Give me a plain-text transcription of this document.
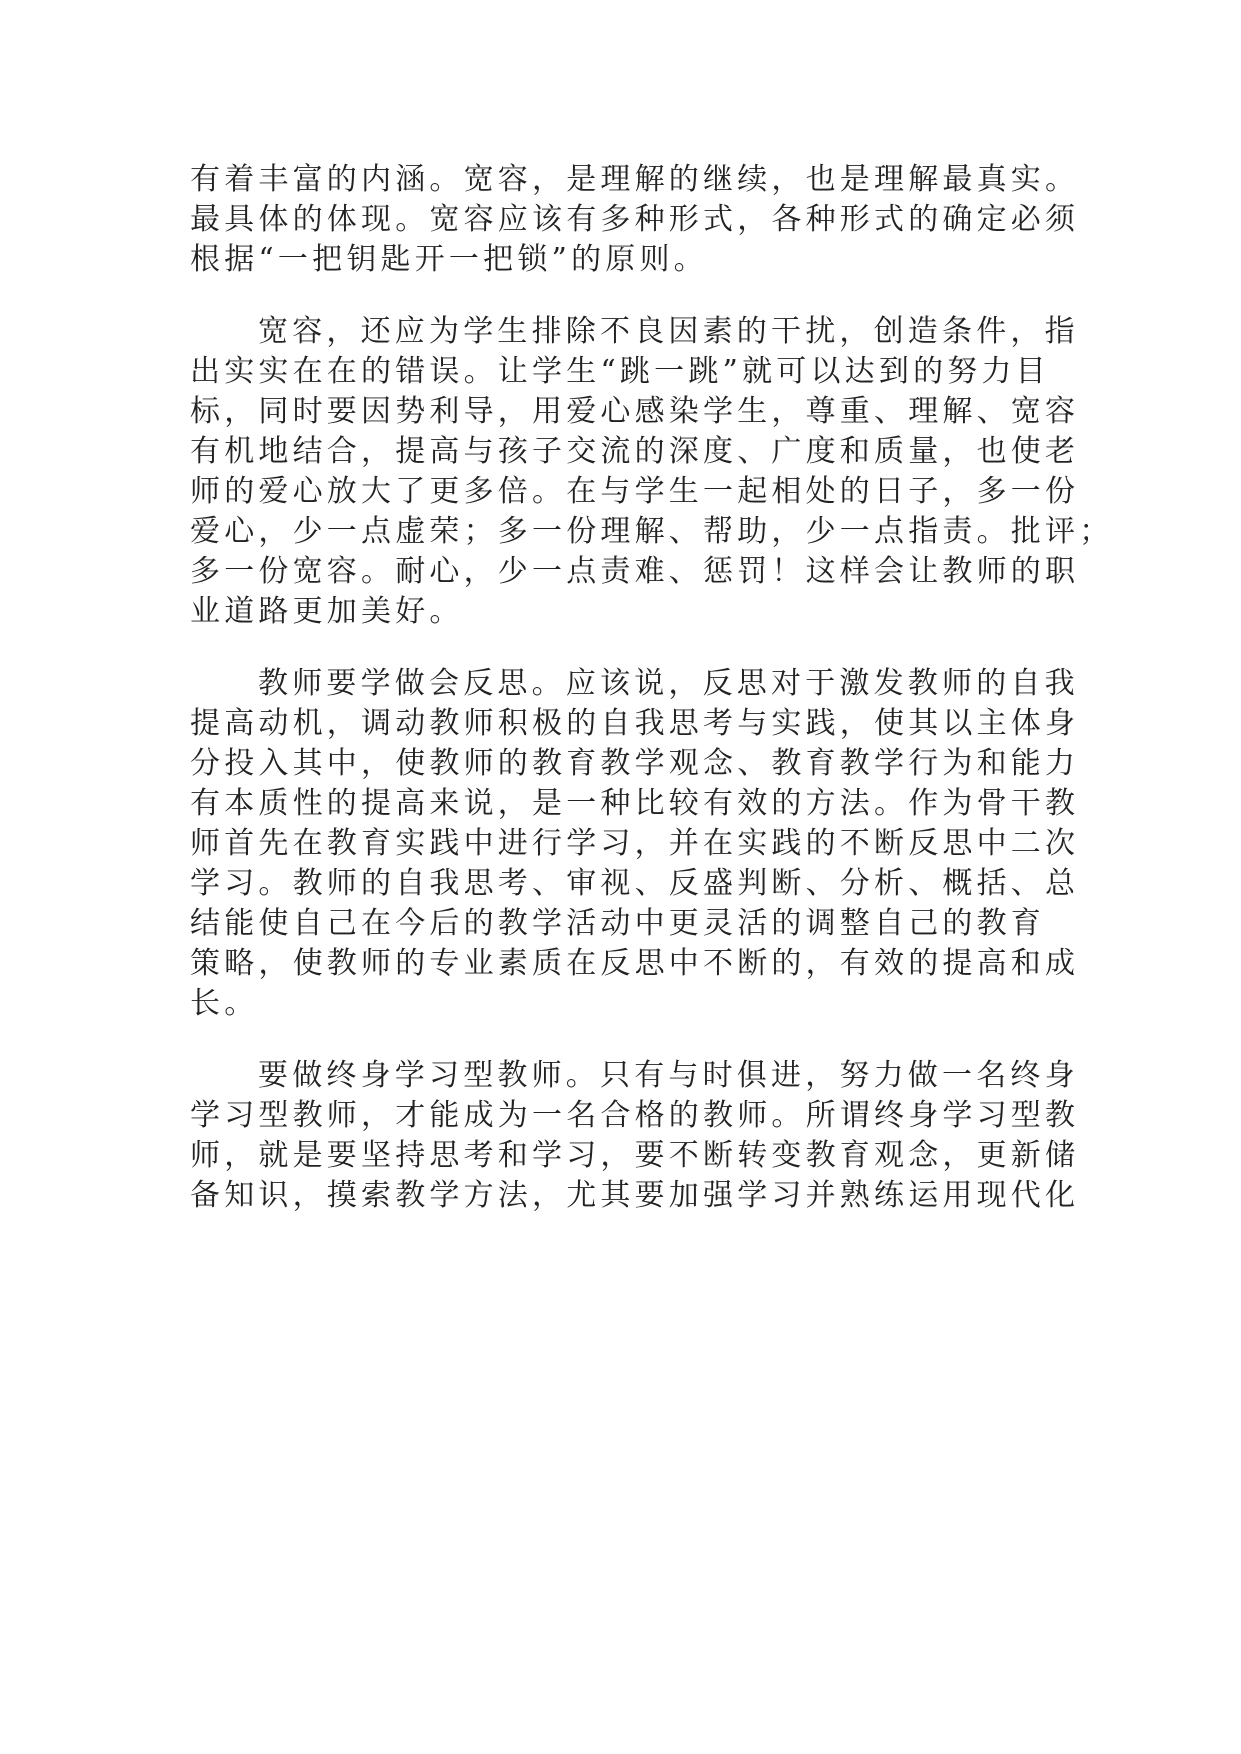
有着丰富的内涵。宽容，是理解的继续，也是理解最真实。

最具体的体现。宽容应该有多种形式，各种形式的确定必须

根据“一把钥匙开一把锁”的原则。

宽容，还应为学生排除不良因素的干扰，创造条件，指

出实实在在的错误。让学生“跳一跳”就可以达到的努力目

标，同时要因势利导，用爱心感染学生，尊重、理解、宽容

有机地结合，提高与孩子交流的深度、广度和质量，也使老

师的爱心放大了更多倍。在与学生一起相处的日子，多一份

爱心，少一点虚荣；多一份理解、帮助，少一点指责。批评；

多一份宽容。耐心，少一点责难、惩罚！这样会让教师的职

业道路更加美好。

教师要学做会反思。应该说，反思对于激发教师的自我

提高动机，调动教师积极的自我思考与实践，使其以主体身

分投入其中，使教师的教育教学观念、教育教学行为和能力

有本质性的提高来说，是一种比较有效的方法。作为骨干教

师首先在教育实践中进行学习，并在实践的不断反思中二次

学习。教师的自我思考、审视、反盛判断、分析、概括、总

结能使自己在今后的教学活动中更灵活的调整自己的教育

策略，使教师的专业素质在反思中不断的，有效的提高和成

长。

要做终身学习型教师。只有与时俱进，努力做一名终身

学习型教师，才能成为一名合格的教师。所谓终身学习型教

师，就是要坚持思考和学习，要不断转变教育观念，更新储

备知识，摸索教学方法，尤其要加强学习并熟练运用现代化
